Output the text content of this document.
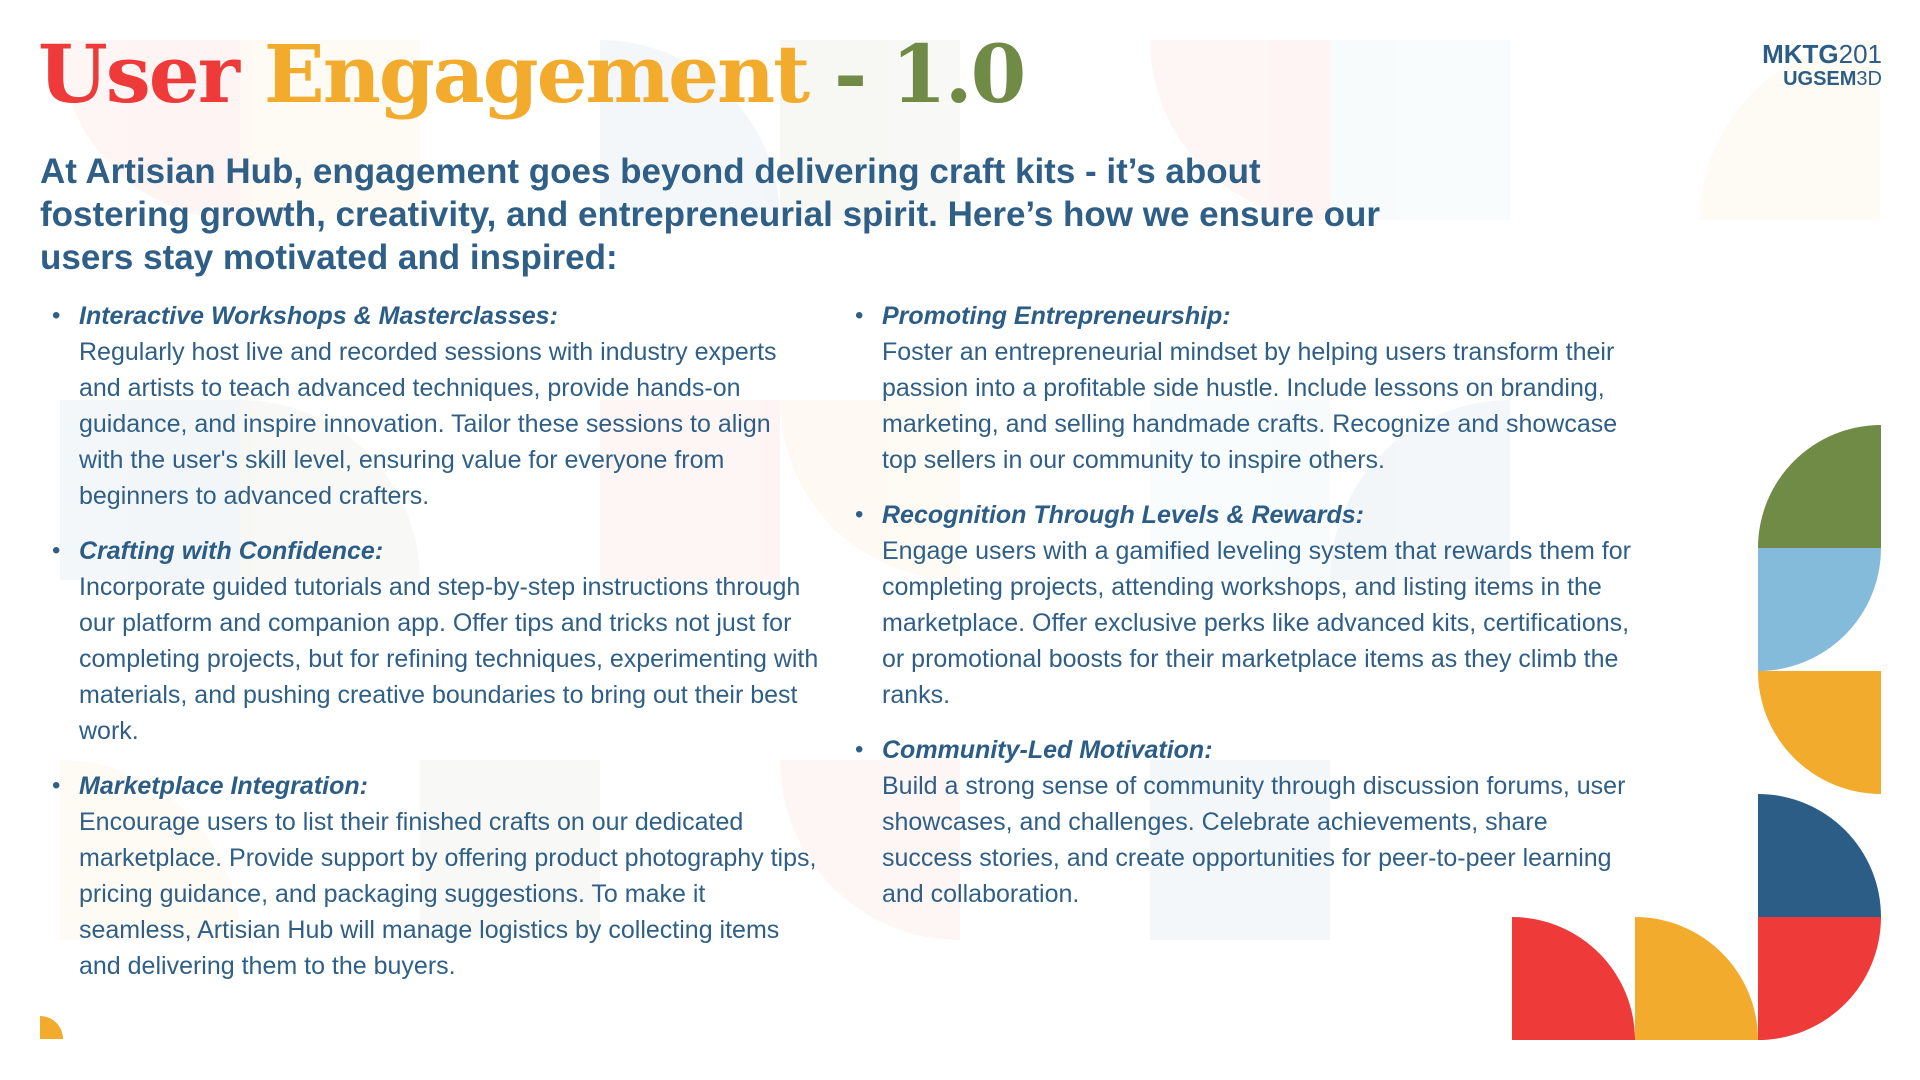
User Engagement - 1.0	MKTG201
UGSEM3D

At Artisian Hub, engagement goes beyond delivering craft kits - it’s about fostering growth, creativity, and entrepreneurial spirit. Here’s how we ensure our users stay motivated and inspired:

• Interactive Workshops & Masterclasses:
Regularly host live and recorded sessions with industry experts and artists to teach advanced techniques, provide hands-on guidance, and inspire innovation. Tailor these sessions to align with the user's skill level, ensuring value for everyone from beginners to advanced crafters.
• Crafting with Confidence:
Incorporate guided tutorials and step-by-step instructions through our platform and companion app. Offer tips and tricks not just for completing projects, but for refining techniques, experimenting with materials, and pushing creative boundaries to bring out their best work.
• Marketplace Integration:
Encourage users to list their finished crafts on our dedicated marketplace. Provide support by offering product photography tips, pricing guidance, and packaging suggestions. To make it seamless, Artisian Hub will manage logistics by collecting items and delivering them to the buyers.
• Promoting Entrepreneurship:
Foster an entrepreneurial mindset by helping users transform their passion into a profitable side hustle. Include lessons on branding, marketing, and selling handmade crafts. Recognize and showcase top sellers in our community to inspire others.
• Recognition Through Levels & Rewards:
Engage users with a gamified leveling system that rewards them for completing projects, attending workshops, and listing items in the marketplace. Offer exclusive perks like advanced kits, certifications, or promotional boosts for their marketplace items as they climb the ranks.
• Community-Led Motivation:
Build a strong sense of community through discussion forums, user showcases, and challenges. Celebrate achievements, share success stories, and create opportunities for peer-to-peer learning and collaboration.
